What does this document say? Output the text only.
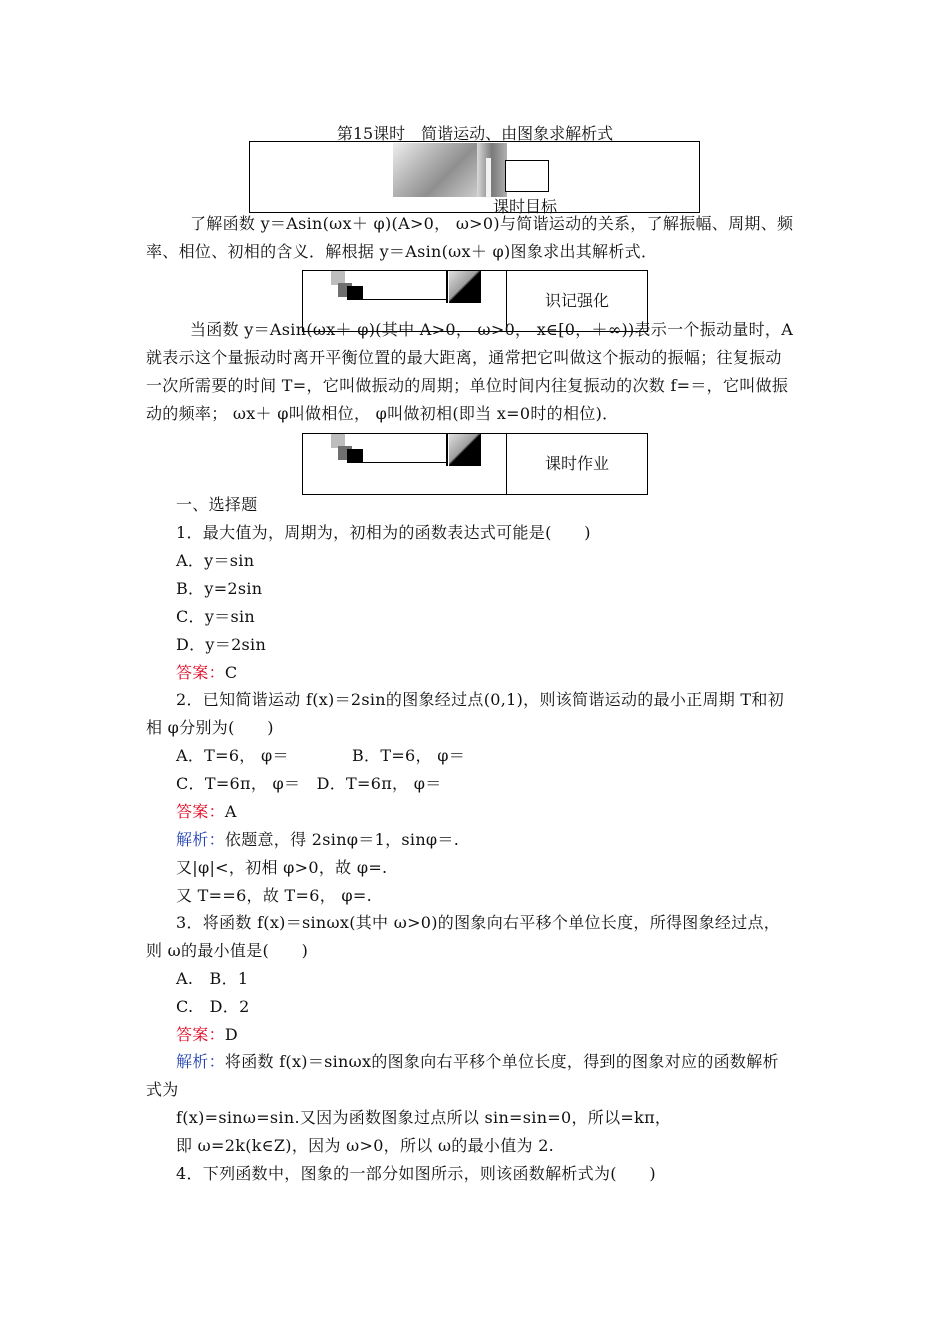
第15课时　简谐运动、由图象求解析式
课时目标
了解函数 y＝Asin(ωx＋ φ)(A>0， ω>0)与简谐运动的关系，了解振幅、周期、频
率、相位、初相的含义．解根据 y＝Asin(ωx＋ φ)图象求出其解析式．
识记强化
当函数 y＝Asin(ωx＋ φ)(其中 A>0， ω>0， x∈[0，＋∞))表示一个振动量时，A
就表示这个量振动时离开平衡位置的最大距离，通常把它叫做这个振动的振幅；往复振动
一次所需要的时间 T=，它叫做振动的周期；单位时间内往复振动的次数 f=＝，它叫做振
动的频率； ωx＋ φ叫做相位， φ叫做初相(即当 x=0时的相位)．
课时作业
一、选择题
1．最大值为，周期为，初相为的函数表达式可能是(　　)
A．y＝sin
B．y=2sin
C．y＝sin
D．y＝2sin
答案：C
2．已知简谐运动 f(x)＝2sin的图象经过点(0,1)，则该简谐运动的最小正周期 T和初
相 φ分别为(　　)
A．T=6， φ＝	B．T=6， φ＝
C．T=6π， φ＝　D．T=6π， φ＝
答案：A
解析：依题意，得 2sinφ＝1，sinφ＝.
又|φ|<，初相 φ>0，故 φ=.
又 T==6，故 T=6， φ=.
3．将函数 f(x)＝sinωx(其中 ω>0)的图象向右平移个单位长度，所得图象经过点，
则 ω的最小值是(　　)
A.　B．1
C.　D．2
答案：D
解析：将函数 f(x)＝sinωx的图象向右平移个单位长度，得到的图象对应的函数解析
式为
f(x)=sinω=sin.又因为函数图象过点所以 sin=sin=0，所以=kπ，
即 ω=2k(k∈Z)，因为 ω>0，所以 ω的最小值为 2.
4．下列函数中，图象的一部分如图所示，则该函数解析式为(　　)
